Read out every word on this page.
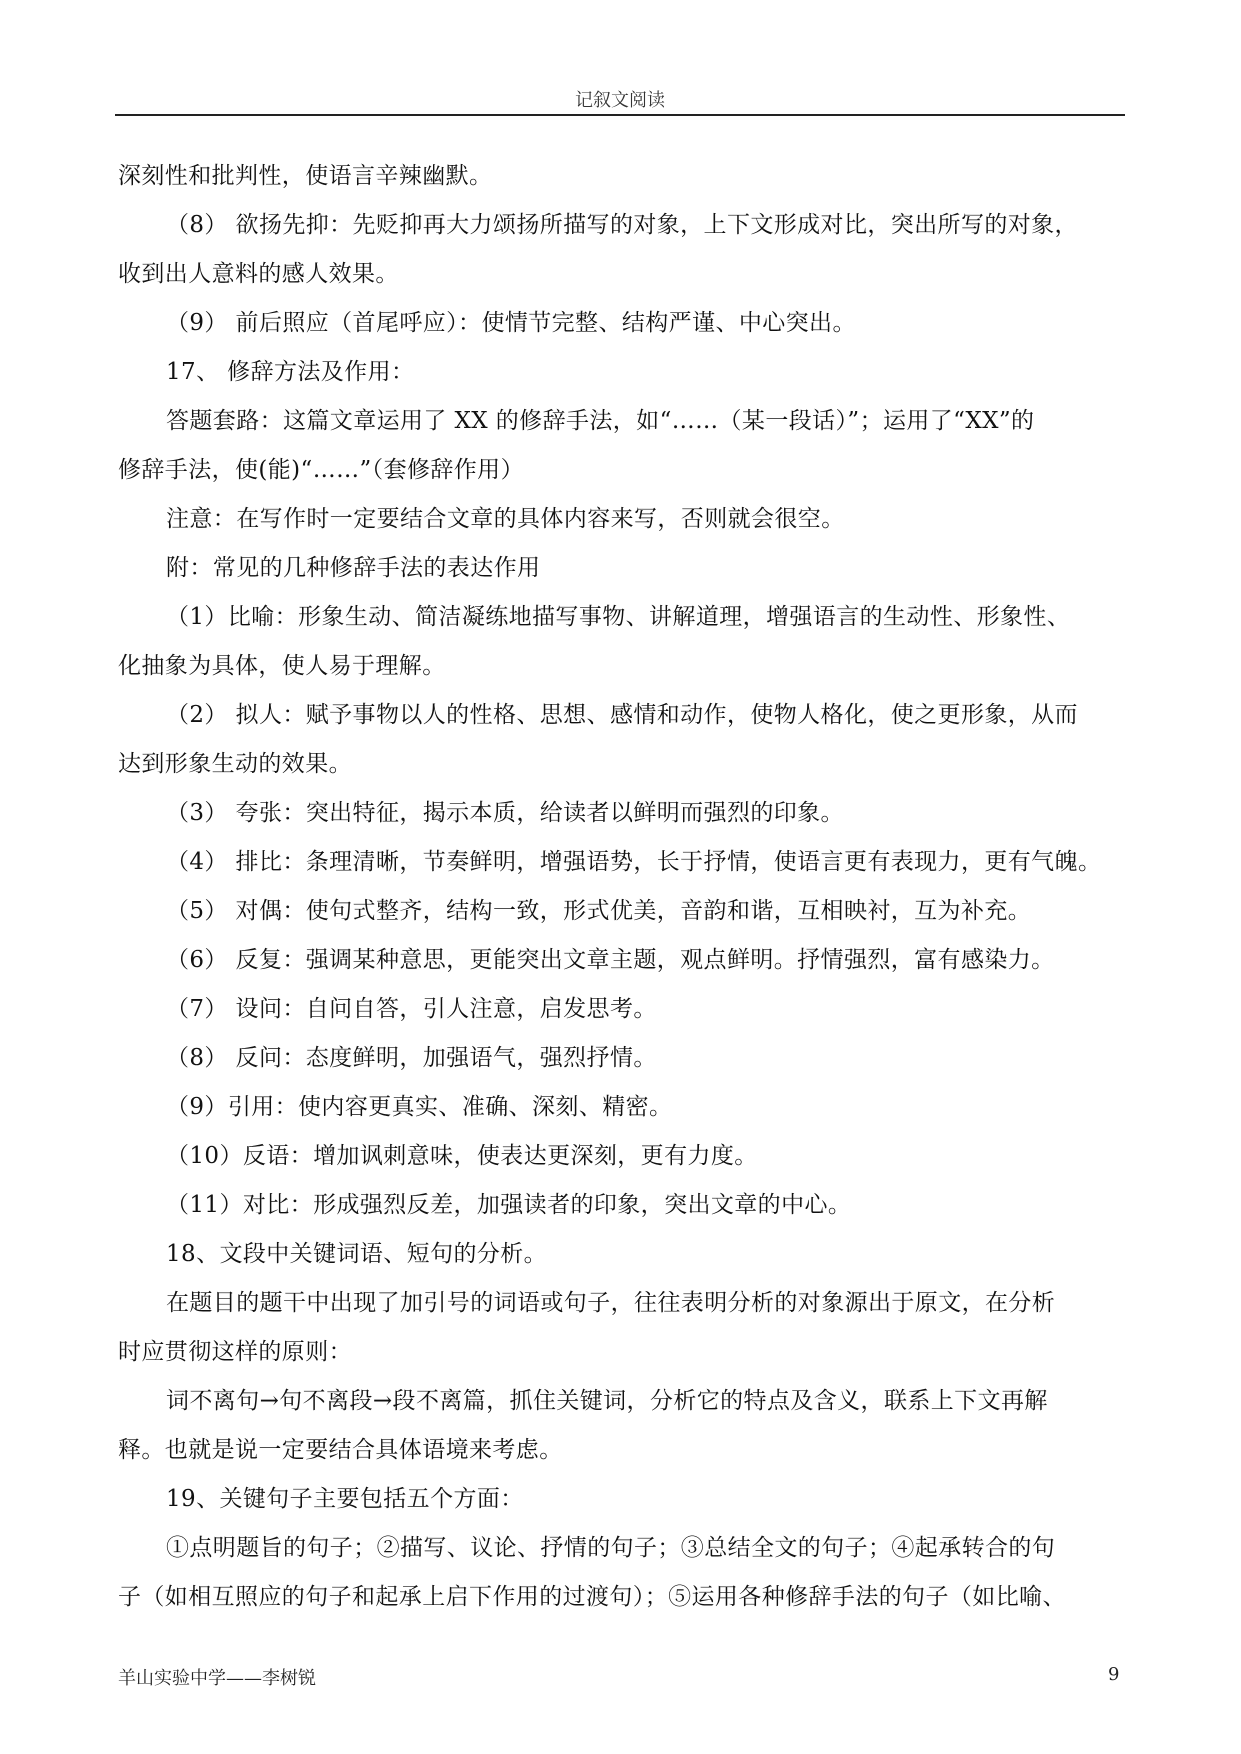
记叙文阅读

深刻性和批判性，使语言辛辣幽默。

（8） 欲扬先抑：先贬抑再大力颂扬所描写的对象，上下文形成对比，突出所写的对象，

收到出人意料的感人效果。

（9） 前后照应（首尾呼应）：使情节完整、结构严谨、中心突出。

17、 修辞方法及作用：

答题套路：这篇文章运用了 XX 的修辞手法，如“……（某一段话）”；运用了“XX”的

修辞手法，使(能)“……”（套修辞作用）

注意：在写作时一定要结合文章的具体内容来写，否则就会很空。

附：常见的几种修辞手法的表达作用

（1）比喻：形象生动、简洁凝练地描写事物、讲解道理，增强语言的生动性、形象性、

化抽象为具体，使人易于理解。

（2） 拟人：赋予事物以人的性格、思想、感情和动作，使物人格化，使之更形象，从而

达到形象生动的效果。

（3） 夸张：突出特征，揭示本质，给读者以鲜明而强烈的印象。

（4） 排比：条理清晰，节奏鲜明，增强语势，长于抒情，使语言更有表现力，更有气魄。

（5） 对偶：使句式整齐，结构一致，形式优美，音韵和谐，互相映衬，互为补充。

（6） 反复：强调某种意思，更能突出文章主题，观点鲜明。抒情强烈，富有感染力。

（7） 设问：自问自答，引人注意，启发思考。

（8） 反问：态度鲜明，加强语气，强烈抒情。

（9）引用：使内容更真实、准确、深刻、精密。

（10）反语：增加讽刺意味，使表达更深刻，更有力度。

（11）对比：形成强烈反差，加强读者的印象，突出文章的中心。

18、文段中关键词语、短句的分析。

在题目的题干中出现了加引号的词语或句子，往往表明分析的对象源出于原文，在分析

时应贯彻这样的原则：

词不离句→句不离段→段不离篇，抓住关键词，分析它的特点及含义，联系上下文再解

释。也就是说一定要结合具体语境来考虑。

19、关键句子主要包括五个方面：

①点明题旨的句子；②描写、议论、抒情的句子；③总结全文的句子；④起承转合的句

子（如相互照应的句子和起承上启下作用的过渡句）；⑤运用各种修辞手法的句子（如比喻、

羊山实验中学——李树锐	9
